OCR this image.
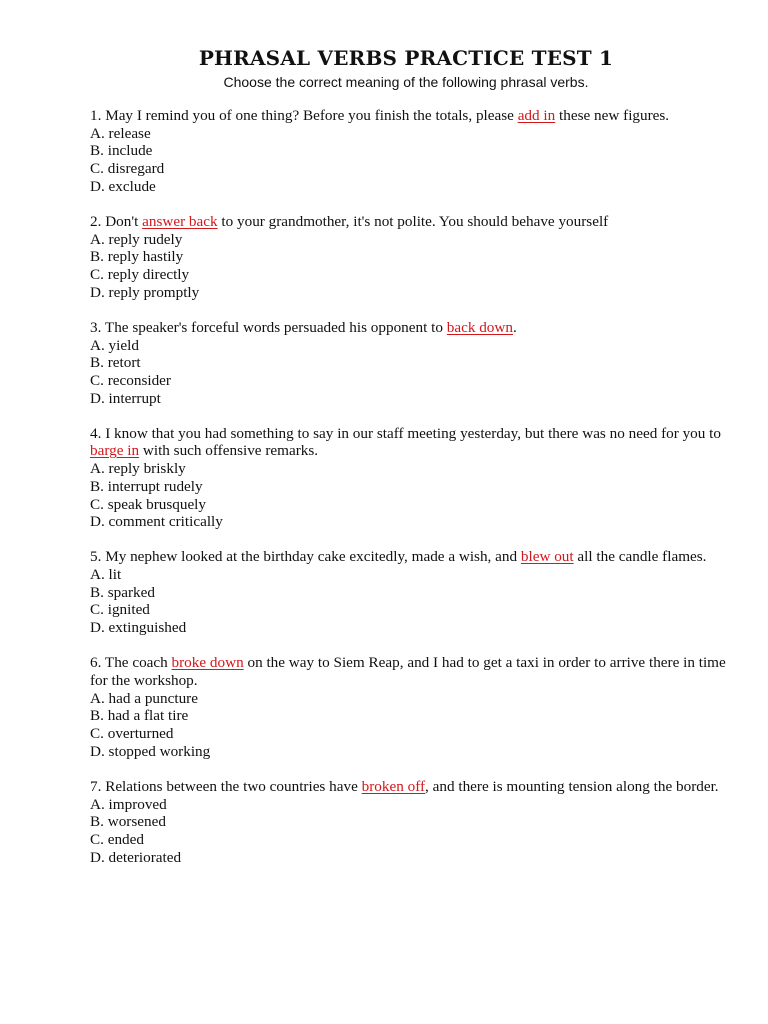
PHRASAL VERBS PRACTICE TEST 1
Choose the correct meaning of the following phrasal verbs.

1. May I remind you of one thing? Before you finish the totals, please add in these new figures.

A. release

B. include

C. disregard

D. exclude

2. Don't answer back to your grandmother, it's not polite. You should behave yourself

A. reply rudely

B. reply hastily

C. reply directly

D. reply promptly

3. The speaker's forceful words persuaded his opponent to back down.

A. yield

B. retort

C. reconsider

D. interrupt

4. I know that you had something to say in our staff meeting yesterday, but there was no need for you to barge in with such offensive remarks.

A. reply briskly

B. interrupt rudely

C. speak brusquely

D. comment critically

5. My nephew looked at the birthday cake excitedly, made a wish, and blew out all the candle flames.

A. lit

B. sparked

C. ignited

D. extinguished

6. The coach broke down on the way to Siem Reap, and I had to get a taxi in order to arrive there in time for the workshop.

A. had a puncture

B. had a flat tire

C. overturned

D. stopped working

7. Relations between the two countries have broken off, and there is mounting tension along the border.

A. improved

B. worsened

C. ended

D. deteriorated
